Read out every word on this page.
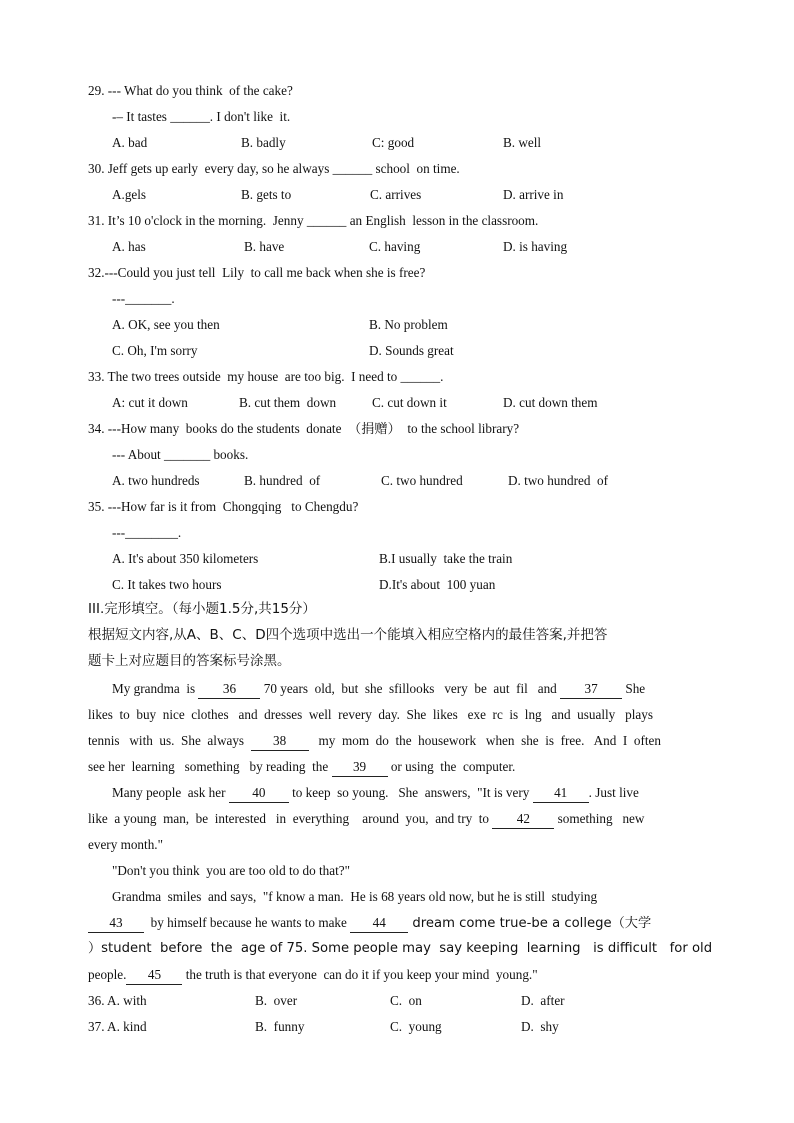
29. --- What do you think  of the cake?
-– It tastes ______. I don't like  it.
A. bad	B. badly	C: good	B. well
30. Jeff gets up early  every day, so he always ______ school  on time.
A.gels	B. gets to	C. arrives	D. arrive in
31. It’s 10 o'clock in the morning.  Jenny ______ an English  lesson in the classroom.
A. has	B. have	C. having	D. is having
32.---Could you just tell  Lily  to call me back when she is free?
---_______.
A. OK, see you then	B. No problem
C. Oh, I'm sorry	D. Sounds great
33. The two trees outside  my house  are too big.  I need to ______.
A: cut it down	B. cut them  down	C. cut down it	D. cut down them
34. ---How many  books do the students  donate  （捐赠）  to the school library?
--- About _______ books.
A. two hundreds	B. hundred  of	C. two hundred	D. two hundred  of
35. ---How far is it from  Chongqing   to Chengdu?
---________.
A. It's about 350 kilometers	B.I usually  take the train
C. It takes two hours	D.It's about  100 yuan
III.完形填空。（每小题1.5分,共15分）
根据短文内容,从A、B、C、D四个选项中选出一个能填入相应空格内的最佳答案,并把答
题卡上对应题目的答案标号涂黑。
My grandma  is 36 70 years  old,  but  she  sfillooks   very  be  aut  fil   and 37 She
likes  to  buy  nice  clothes   and  dresses  well  revery  day.  She  likes   exe  rc  is  lng   and  usually   plays
tennis   with  us.  She  always  38   my  mom  do  the  housework   when  she  is  free.   And  I  often
see her  learning   something   by reading  the 39 or using  the  computer.
Many people  ask her 40 to keep  so young.   She  answers,  "It is very 41 . Just live
like  a young  man,  be  interested   in  everything    around  you,  and try  to 42 something   new
every month."
"Don't you think  you are too old to do that?"
Grandma  smiles  and says,  "f know a man.  He is 68 years old now, but he is still  studying
43  by himself because he wants to make 44 dream come true-be a college（大学
）student  before  the  age of 75. Some people may  say keeping  learning   is difficult   for old
people. 45 the truth is that everyone  can do it if you keep your mind  young."
36. A. with	B.  over	C.  on	D.  after
37. A. kind	B.  funny	C.  young	D.  shy
